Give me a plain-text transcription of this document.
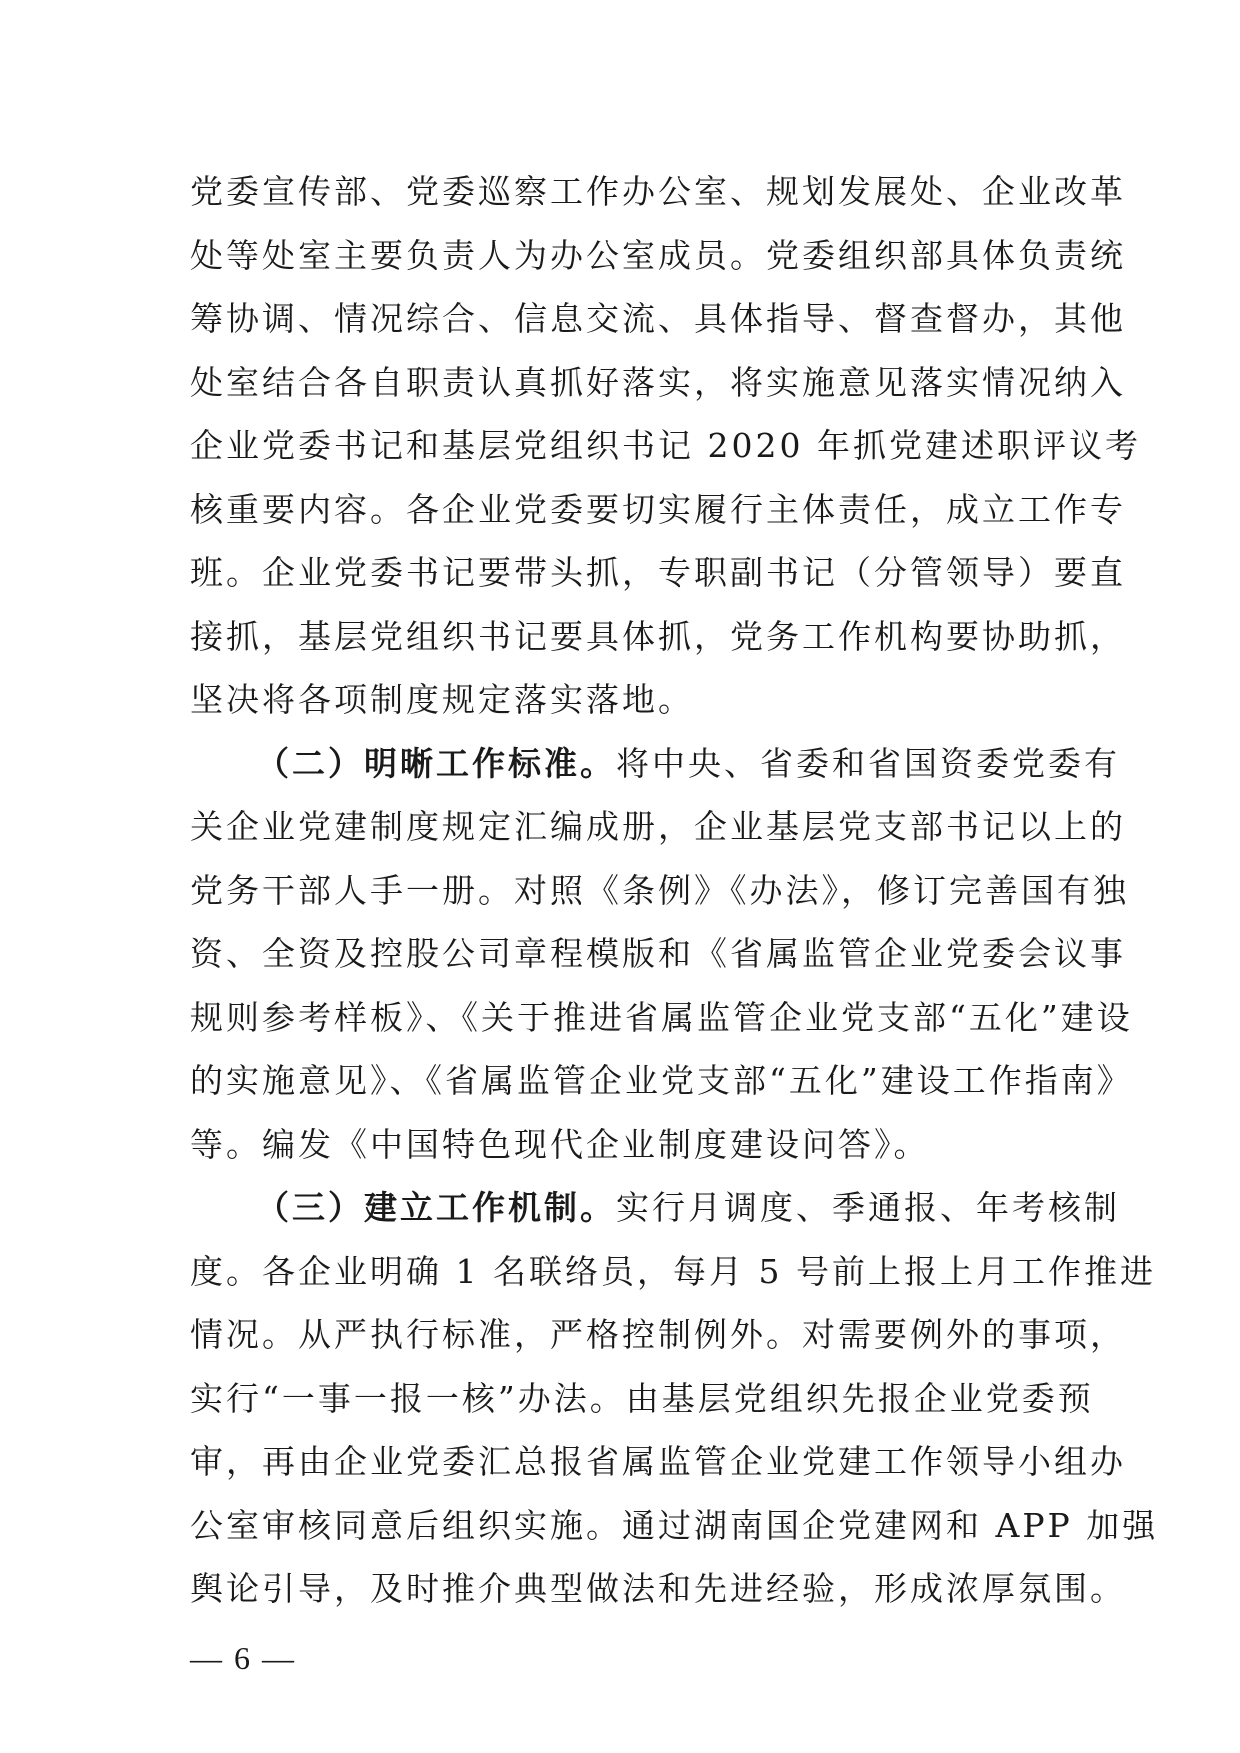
党委宣传部、党委巡察工作办公室、规划发展处、企业改革
处等处室主要负责人为办公室成员。党委组织部具体负责统
筹协调、情况综合、信息交流、具体指导、督查督办，其他
处室结合各自职责认真抓好落实，将实施意见落实情况纳入
企业党委书记和基层党组织书记 2020 年抓党建述职评议考
核重要内容。各企业党委要切实履行主体责任，成立工作专
班。企业党委书记要带头抓，专职副书记（分管领导）要直
接抓，基层党组织书记要具体抓，党务工作机构要协助抓，
坚决将各项制度规定落实落地。
（二）明晰工作标准。将中央、省委和省国资委党委有
关企业党建制度规定汇编成册，企业基层党支部书记以上的
党务干部人手一册。对照《条例》《办法》，修订完善国有独
资、全资及控股公司章程模版和《省属监管企业党委会议事
规则参考样板》、《关于推进省属监管企业党支部“五化”建设
的实施意见》、《省属监管企业党支部“五化”建设工作指南》
等。编发《中国特色现代企业制度建设问答》。
（三）建立工作机制。实行月调度、季通报、年考核制
度。各企业明确 1 名联络员，每月 5 号前上报上月工作推进
情况。从严执行标准，严格控制例外。对需要例外的事项，
实行“一事一报一核”办法。由基层党组织先报企业党委预
审，再由企业党委汇总报省属监管企业党建工作领导小组办
公室审核同意后组织实施。通过湖南国企党建网和 APP 加强
舆论引导，及时推介典型做法和先进经验，形成浓厚氛围。
— 6 —
